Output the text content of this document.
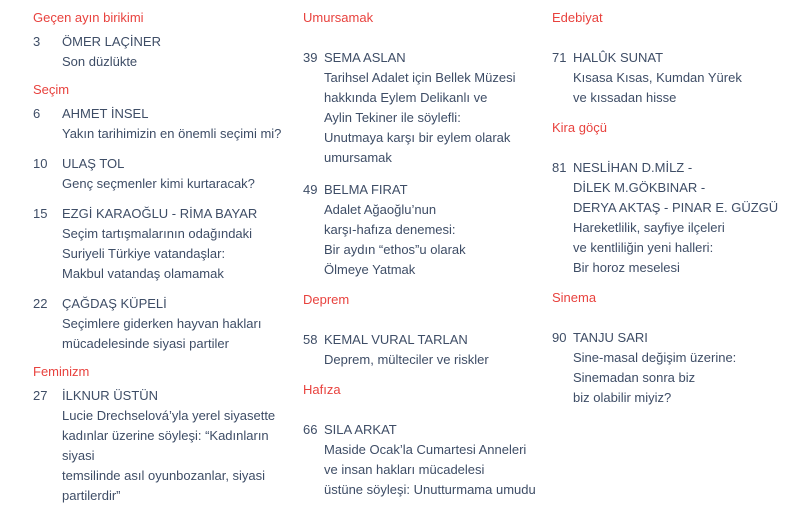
Geçen ayın birikimi
3	ÖMER LAÇİNER
Son düzlükte
Seçim
6	AHMET İNSEL
Yakın tarihimizin en önemli seçimi mi?
10	ULAŞ TOL
Genç seçmenler kimi kurtaracak?
15	EZGİ KARAOĞLU - RİMA BAYAR
Seçim tartışmalarının odağındaki
Suriyeli Türkiye vatandaşlar:
Makbul vatandaş olamamak
22	ÇAĞDAŞ KÜPELİ
Seçimlere giderken hayvan hakları
mücadelesinde siyasi partiler
Feminizm
27	İLKNUR ÜSTÜN
Lucie Drechselová’yla yerel siyasette
kadınlar üzerine söyleşi: “Kadınların siyasi
temsilinde asıl oyunbozanlar, siyasi
partilerdir”
Umursamak
39 SEMA ASLAN
Tarihsel Adalet için Bellek Müzesi
hakkında Eylem Delikanlı ve
Aylin Tekiner ile söylefli:
Unutmaya karşı bir eylem olarak
umursamak
49 BELMA FIRAT
Adalet Ağaoğlu’nun
karşı-hafıza denemesi:
Bir aydın “ethos”u olarak
Ölmeye Yatmak
Deprem
58 KEMAL VURAL TARLAN
Deprem, mülteciler ve riskler
Hafıza
66 SILA ARKAT
Maside Ocak’la Cumartesi Anneleri
ve insan hakları mücadelesi
üstüne söyleşi: Unutturmama umudu
Edebiyat
71 HALÛK SUNAT
Kısasa Kısas, Kumdan Yürek
ve kıssadan hisse
Kira göçü
81 NESLİHAN D.MİLZ -
DİLEK M.GÖKBINAR -
DERYA AKTAŞ - PINAR E. GÜZGÜ
Hareketlilik, sayfiye ilçeleri
ve kentliliğin yeni halleri:
Bir horoz meselesi
Sinema
90 TANJU SARI
Sine-masal değişim üzerine:
Sinemadan sonra biz
biz olabilir miyiz?
